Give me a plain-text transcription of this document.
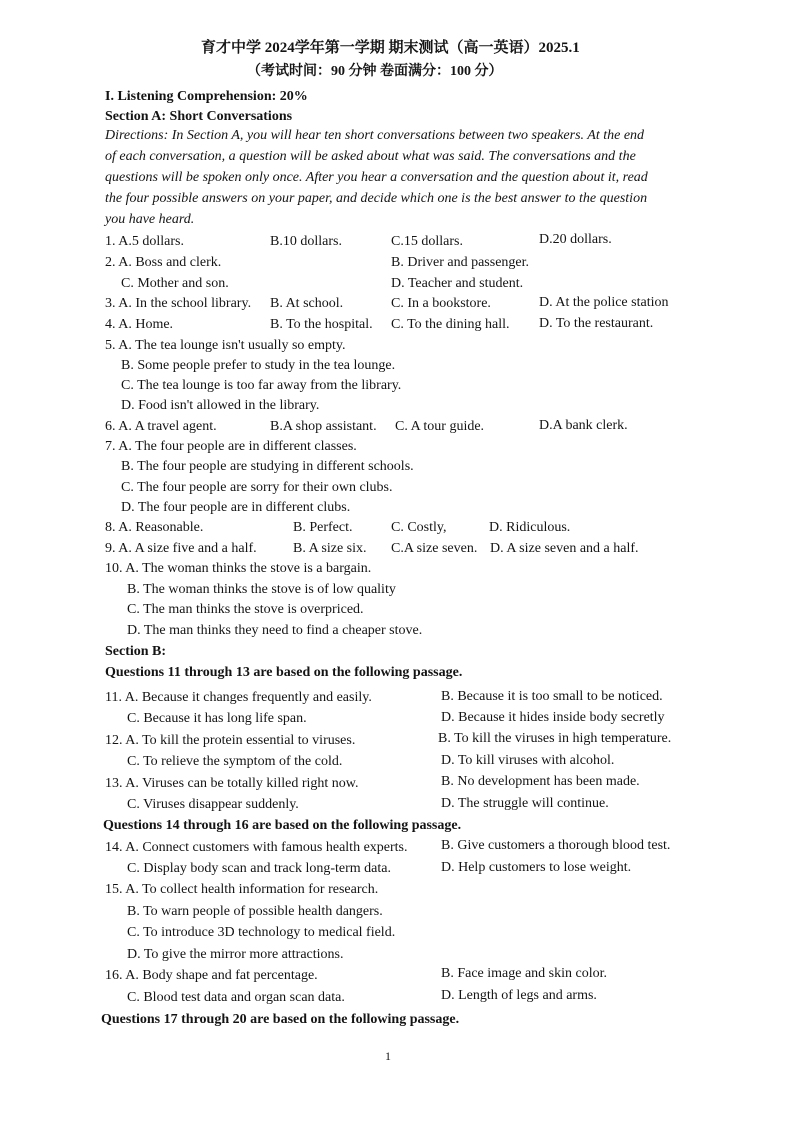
育才中学 2024学年第一学期 期末测试（高一英语）2025.1
（考试时间：90 分钟 卷面满分：100 分）
I. Listening Comprehension: 20%
Section A: Short Conversations
Directions: In Section A, you will hear ten short conversations between two speakers. At the end
of each conversation, a question will be asked about what was said. The conversations and the
questions will be spoken only once. After you hear a conversation and the question about it, read
the four possible answers on your paper, and decide which one is the best answer to the question
you have heard.
1. A.5 dollars.	B.10 dollars.	C.15 dollars.	D.20 dollars.
2. A. Boss and clerk.	B. Driver and passenger.
C. Mother and son.	D. Teacher and student.
3. A. In the school library. B. At school.	C. In a bookstore.	D. At the police station
4. A. Home.	B. To the hospital. C. To the dining hall. D. To the restaurant.
5. A. The tea lounge isn't usually so empty.
B. Some people prefer to study in the tea lounge.
C. The tea lounge is too far away from the library.
D. Food isn't allowed in the library.
6. A. A travel agent.	B.A shop assistant. C. A tour guide.	D.A bank clerk.
7. A. The four people are in different classes.
B. The four people are studying in different schools.
C. The four people are sorry for their own clubs.
D. The four people are in different clubs.
8. A. Reasonable.	B. Perfect.	C. Costly,	D. Ridiculous.
9. A. A size five and a half.	B. A size six. C.A size seven. D. A size seven and a half.
10. A. The woman thinks the stove is a bargain.
B. The woman thinks the stove is of low quality
C. The man thinks the stove is overpriced.
D. The man thinks they need to find a cheaper stove.
Section B:
Questions 11 through 13 are based on the following passage.
11. A. Because it changes frequently and easily.	B. Because it is too small to be noticed.
C. Because it has long life span.	D. Because it hides inside body secretly
12. A. To kill the protein essential to viruses.	B. To kill the viruses in high temperature.
C. To relieve the symptom of the cold.	D. To kill viruses with alcohol.
13. A. Viruses can be totally killed right now.	B. No development has been made.
C. Viruses disappear suddenly.	D. The struggle will continue.
Questions 14 through 16 are based on the following passage.
14. A. Connect customers with famous health experts. B. Give customers a thorough blood test.
C. Display body scan and track long-term data.	D. Help customers to lose weight.
15. A. To collect health information for research.
B. To warn people of possible health dangers.
C. To introduce 3D technology to medical field.
D. To give the mirror more attractions.
16. A. Body shape and fat percentage.	B. Face image and skin color.
C. Blood test data and organ scan data.	D. Length of legs and arms.
Questions 17 through 20 are based on the following passage.
1
